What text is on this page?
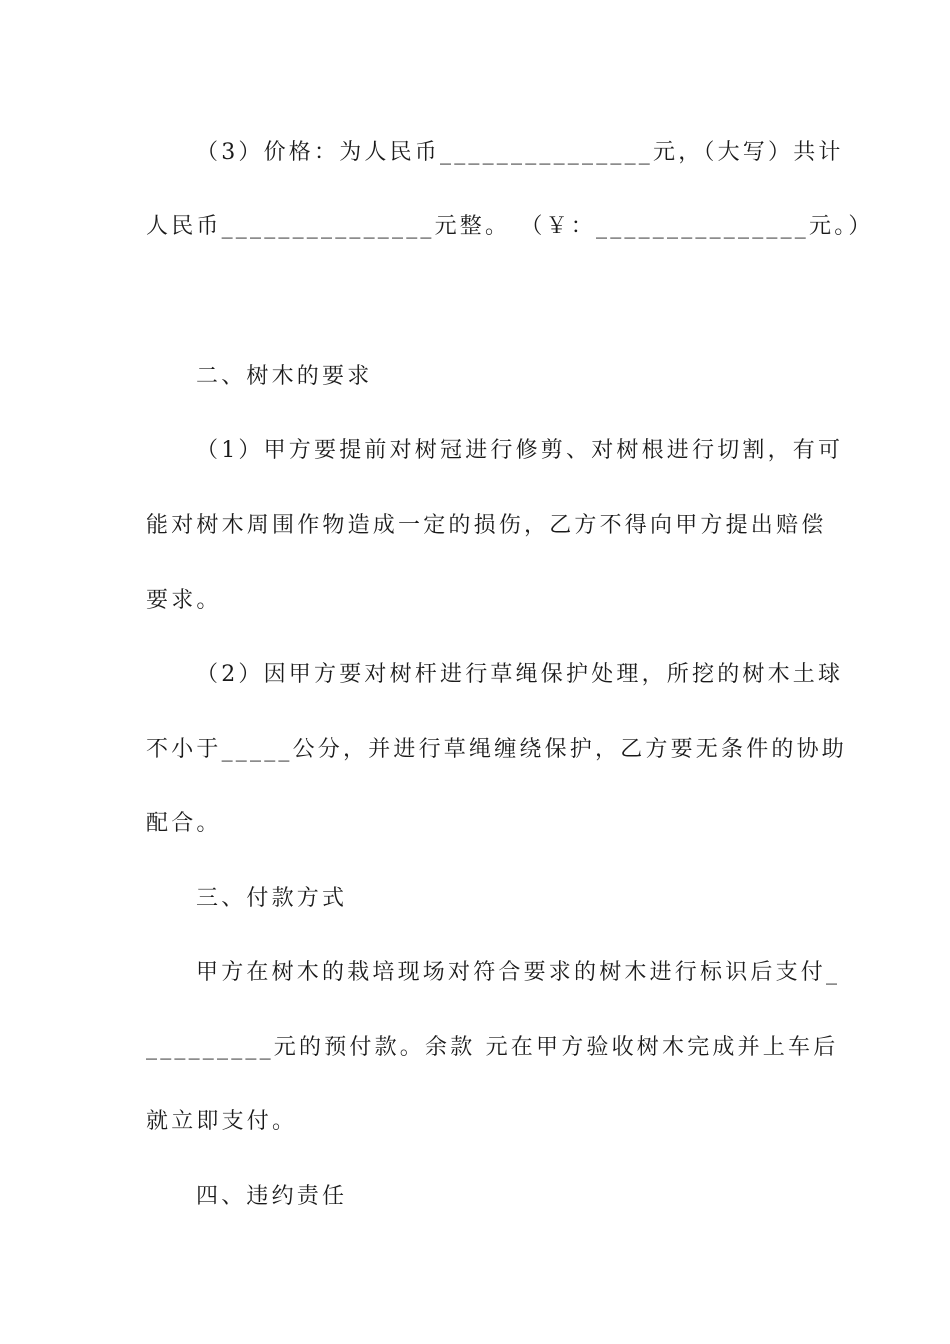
（3）价格：为人民币_______________元，（大写）共计
人民币_______________元整。 （￥：_______________元。）
二、树木的要求
（1）甲方要提前对树冠进行修剪、对树根进行切割，有可
能对树木周围作物造成一定的损伤，乙方不得向甲方提出赔偿
要求。
（2）因甲方要对树杆进行草绳保护处理，所挖的树木土球
不小于_____公分，并进行草绳缠绕保护，乙方要无条件的协助
配合。
三、付款方式
甲方在树木的栽培现场对符合要求的树木进行标识后支付_
_________元的预付款。余款 元在甲方验收树木完成并上车后
就立即支付。
四、违约责任
